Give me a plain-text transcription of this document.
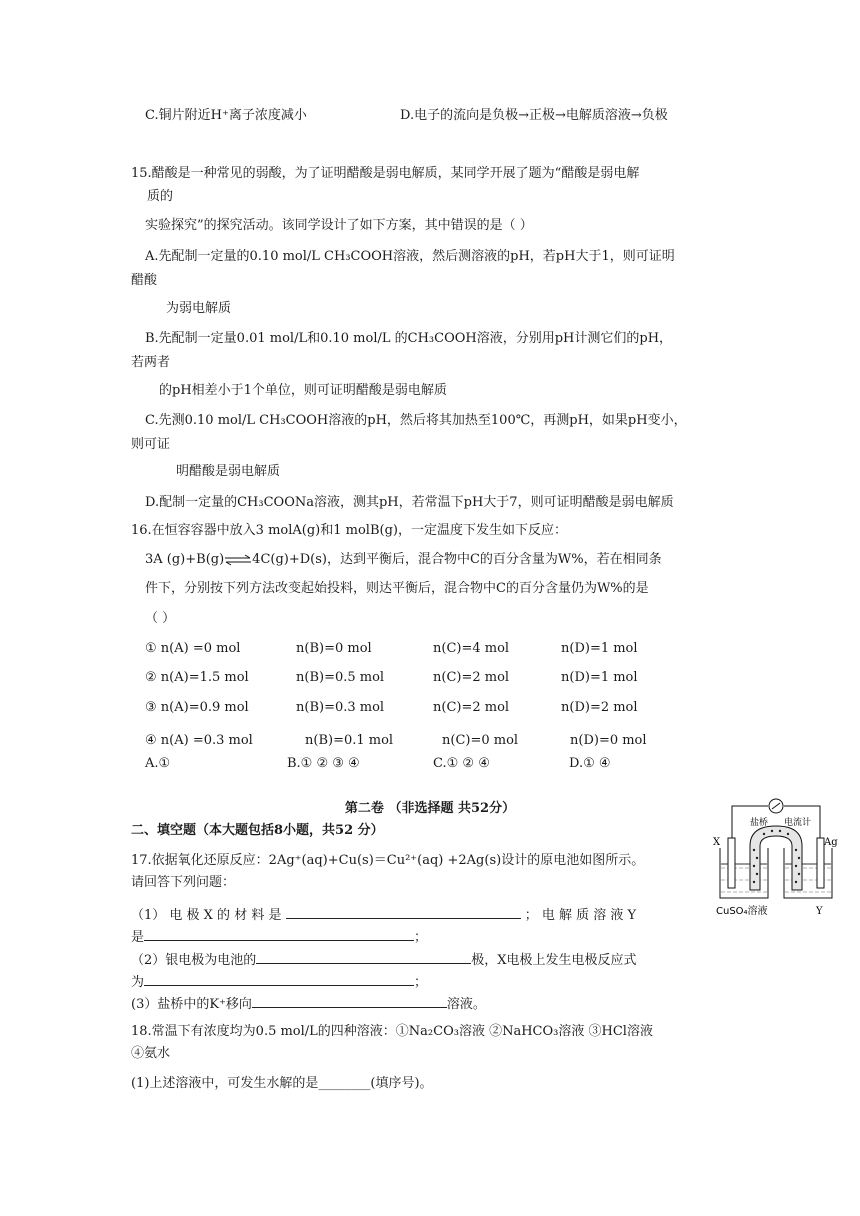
C.铜片附近H⁺离子浓度减小	D.电子的流向是负极→正极→电解质溶液→负极
15.醋酸是一种常见的弱酸，为了证明醋酸是弱电解质，某同学开展了题为“醋酸是弱电解
质的
实验探究”的探究活动。该同学设计了如下方案，其中错误的是（ ）
A.先配制一定量的0.10 mol/L CH₃COOH溶液，然后测溶液的pH，若pH大于1，则可证明
醋酸
为弱电解质
B.先配制一定量0.01 mol/L和0.10 mol/L 的CH₃COOH溶液，分别用pH计测它们的pH，
若两者
的pH相差小于1个单位，则可证明醋酸是弱电解质
C.先测0.10 mol/L CH₃COOH溶液的pH，然后将其加热至100℃，再测pH，如果pH变小，
则可证
明醋酸是弱电解质
D.配制一定量的CH₃COONa溶液，测其pH，若常温下pH大于7，则可证明醋酸是弱电解质
16.在恒容容器中放入3 molA(g)和1 molB(g)，一定温度下发生如下反应：
3A (g)+B(g)⇌4C(g)+D(s)，达到平衡后，混合物中C的百分含量为W%，若在相同条
件下，分别按下列方法改变起始投料，则达平衡后，混合物中C的百分含量仍为W%的是
（ ）
① n(A) =0 mol	n(B)=0 mol	n(C)=4 mol	n(D)=1 mol
② n(A)=1.5 mol	n(B)=0.5 mol	n(C)=2 mol	n(D)=1 mol
③ n(A)=0.9 mol	n(B)=0.3 mol	n(C)=2 mol	n(D)=2 mol
④ n(A) =0.3 mol	n(B)=0.1 mol	n(C)=0 mol	n(D)=0 mol
A.①	B.① ② ③ ④	C.① ② ④	D.① ④
第二卷 （非选择题 共52分）
二、填空题（本大题包括8小题，共52 分）
17.依据氧化还原反应：2Ag⁺(aq)+Cu(s)＝Cu²⁺(aq) +2Ag(s)设计的原电池如图所示。
请回答下列问题：
（1） 电 极 X 的 材 料 是	； 电 解 质 溶 液 Y
是	；
（2）银电极为电池的	极，X电极上发生电极反应式
为	；
(3）盐桥中的K⁺移向	溶液。
18.常温下有浓度均为0.5 mol/L的四种溶液：①Na₂CO₃溶液 ②NaHCO₃溶液 ③HCl溶液
④氨水
(1)上述溶液中，可发生水解的是________(填序号)。
X	Ag
盐桥 电流计
CuSO₄溶液	Y
